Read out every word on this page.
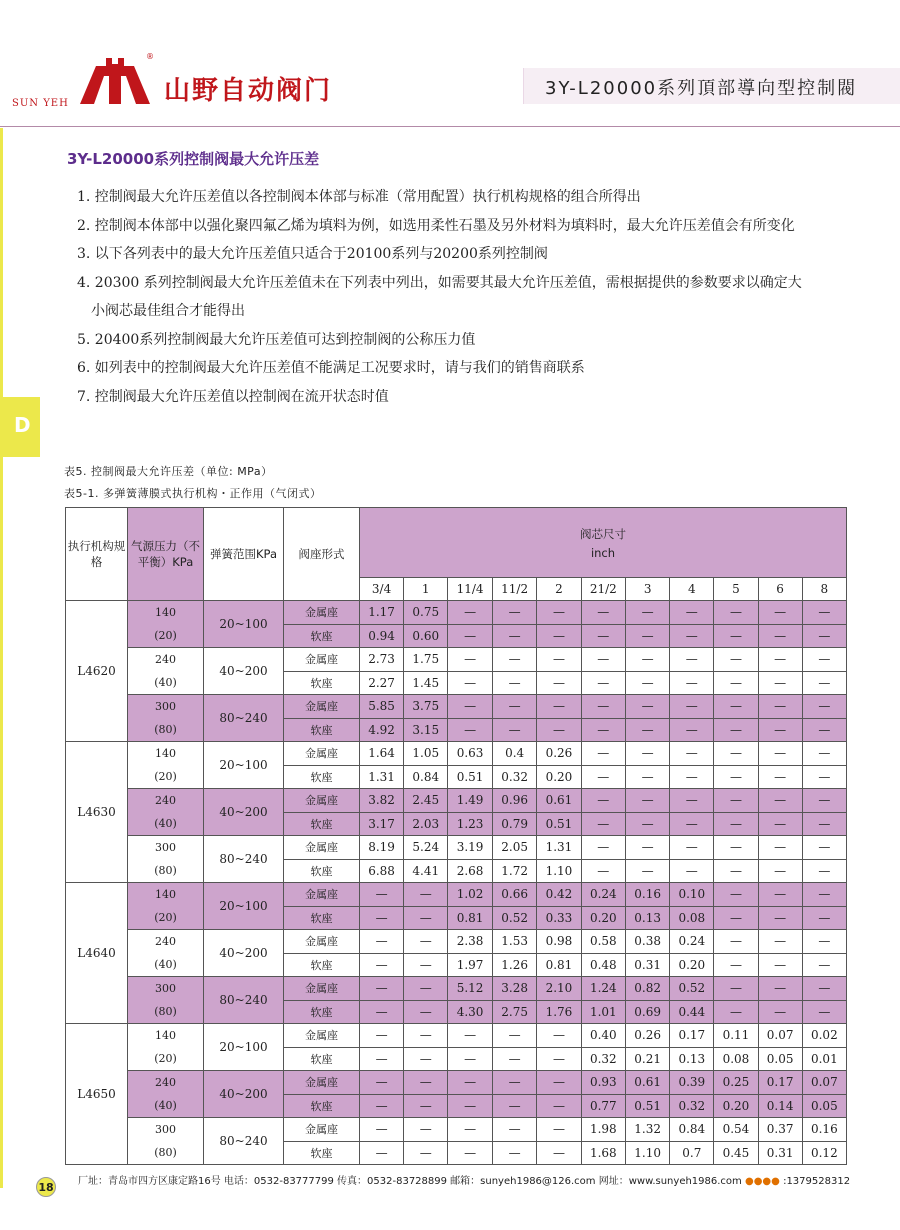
®
山野自动阀门
SUN YEH
3Y-L20000系列頂部導向型控制閥
D
3Y-L20000系列控制阀最大允许压差
1. 控制阀最大允许压差值以各控制阀本体部与标准（常用配置）执行机构规格的组合所得出
2. 控制阀本体部中以强化聚四氟乙烯为填料为例，如选用柔性石墨及另外材料为填料时，最大允许压差值会有所变化
3. 以下各列表中的最大允许压差值只适合于20100系列与20200系列控制阀
4. 20300 系列控制阀最大允许压差值未在下列表中列出，如需要其最大允许压差值，需根据提供的参数要求以确定大
小阀芯最佳组合才能得出
5. 20400系列控制阀最大允许压差值可达到控制阀的公称压力值
6. 如列表中的控制阀最大允许压差值不能满足工况要求时，请与我们的销售商联系
7. 控制阀最大允许压差值以控制阀在流开状态时值
表5. 控制阀最大允许压差（单位: MPa）
表5-1. 多弹簧薄膜式执行机构・正作用（气闭式）
执行机构规格	气源压力（不平衡）KPa	弹簧范围KPa	阀座形式	阀芯尺寸
inch										

				3/4	1	11/4	11/2	2	21/2	3	4	5	6	8
L4620	140
(20)	20~100	金属座	1.17	0.75	—	—	—	—	—	—	—	—	—
			软座	0.94	0.60	—	—	—	—	—	—	—	—	—

	240
(40)	40~200	金属座	2.73	1.75	—	—	—	—	—	—	—	—	—
			软座	2.27	1.45	—	—	—	—	—	—	—	—	—

	300
(80)	80~240	金属座	5.85	3.75	—	—	—	—	—	—	—	—	—
			软座	4.92	3.15	—	—	—	—	—	—	—	—	—
L4630	140
(20)	20~100	金属座	1.64	1.05	0.63	0.4	0.26	—	—	—	—	—	—
			软座	1.31	0.84	0.51	0.32	0.20	—	—	—	—	—	—

	240
(40)	40~200	金属座	3.82	2.45	1.49	0.96	0.61	—	—	—	—	—	—
			软座	3.17	2.03	1.23	0.79	0.51	—	—	—	—	—	—

	300
(80)	80~240	金属座	8.19	5.24	3.19	2.05	1.31	—	—	—	—	—	—
			软座	6.88	4.41	2.68	1.72	1.10	—	—	—	—	—	—
L4640	140
(20)	20~100	金属座	—	—	1.02	0.66	0.42	0.24	0.16	0.10	—	—	—
			软座	—	—	0.81	0.52	0.33	0.20	0.13	0.08	—	—	—

	240
(40)	40~200	金属座	—	—	2.38	1.53	0.98	0.58	0.38	0.24	—	—	—
			软座	—	—	1.97	1.26	0.81	0.48	0.31	0.20	—	—	—

	300
(80)	80~240	金属座	—	—	5.12	3.28	2.10	1.24	0.82	0.52	—	—	—
			软座	—	—	4.30	2.75	1.76	1.01	0.69	0.44	—	—	—
L4650	140
(20)	20~100	金属座	—	—	—	—	—	0.40	0.26	0.17	0.11	0.07	0.02
			软座	—	—	—	—	—	0.32	0.21	0.13	0.08	0.05	0.01

	240
(40)	40~200	金属座	—	—	—	—	—	0.93	0.61	0.39	0.25	0.17	0.07
			软座	—	—	—	—	—	0.77	0.51	0.32	0.20	0.14	0.05

	300
(80)	80~240	金属座	—	—	—	—	—	1.98	1.32	0.84	0.54	0.37	0.16
			软座	—	—	—	—	—	1.68	1.10	0.7	0.45	0.31	0.12
18 厂址：青岛市四方区康定路16号 电话：0532-83777799 传真：0532-83728899 邮箱：sunyeh1986@126.com 网址：www.sunyeh1986.com ●●●● :1379528312
